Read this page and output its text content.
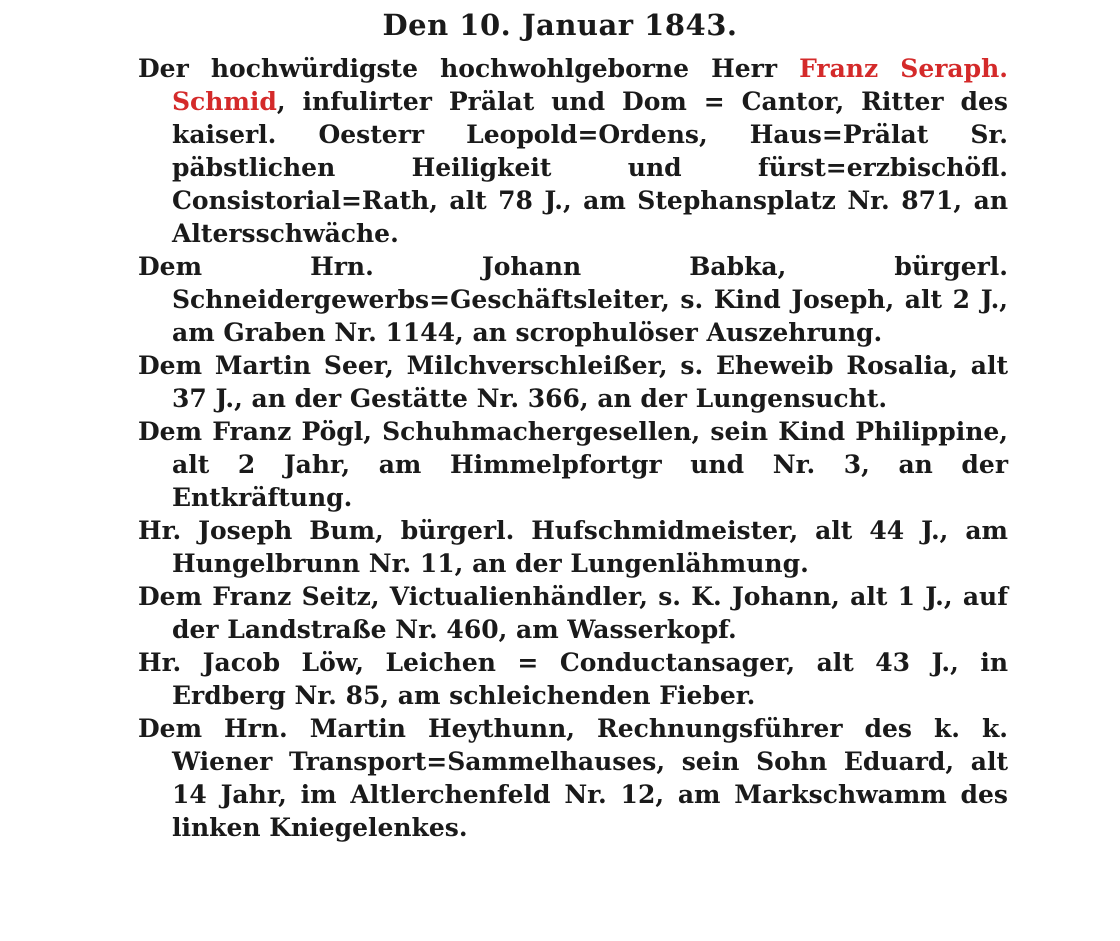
Den 10. Januar 1843.

Der hochwürdigste hochwohlgeborne Herr Franz Seraph. Schmid, infulirter Prälat und Dom = Cantor, Ritter des kaiserl. Oesterr Leopold=Ordens, Haus=Prälat Sr. päbstlichen Heiligkeit und fürst=erzbischöfl. Consistorial=Rath, alt 78 J., am Stephansplatz Nr. 871, an Altersschwäche.

Dem Hrn. Johann Babka, bürgerl. Schneidergewerbs=Geschäftsleiter, s. Kind Joseph, alt 2 J., am Graben Nr. 1144, an scrophulöser Auszehrung.

Dem Martin Seer, Milchverschleißer, s. Eheweib Rosalia, alt 37 J., an der Gestätte Nr. 366, an der Lungensucht.

Dem Franz Pögl, Schuhmachergesellen, sein Kind Philippine, alt 2 Jahr, am Himmelpfortgr und Nr. 3, an der Entkräftung.

Hr. Joseph Bum, bürgerl. Hufschmidmeister, alt 44 J., am Hungelbrunn Nr. 11, an der Lungenlähmung.

Dem Franz Seitz, Victualienhändler, s. K. Johann, alt 1 J., auf der Landstraße Nr. 460, am Wasserkopf.

Hr. Jacob Löw, Leichen = Conductansager, alt 43 J., in Erdberg Nr. 85, am schleichenden Fieber.

Dem Hrn. Martin Heythunn, Rechnungsführer des k. k. Wiener Transport=Sammelhauses, sein Sohn Eduard, alt 14 Jahr, im Altlerchenfeld Nr. 12, am Markschwamm des linken Kniegelenkes.
